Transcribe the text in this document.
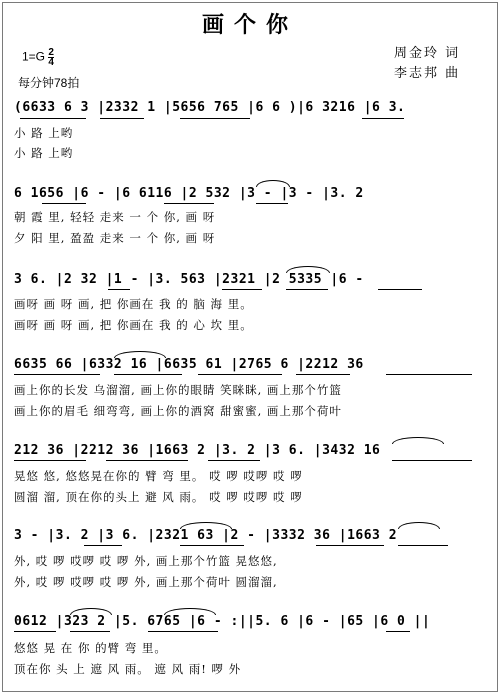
画个你
$1=G \frac{2}{4}$
每分钟78拍
周金玲 词
李志邦 曲
(6633 6 3 |2332 1 |5656 765 |6 6 )|6 3216 |6 3.
小 路 上哟
小 路 上哟
6 1656 |6 - |6 6116 |2 532 |3 - |3 - |3. 2
朝 霞 里, 轻轻 走来 一 个 你, 画 呀
夕 阳 里, 盈盈 走来 一 个 你, 画 呀
3 6. |2 32 |1 - |3. 563 |2321 |2 5335 |6 -
画呀 画 呀 画, 把 你画在 我 的 脑 海 里。
画呀 画 呀 画, 把 你画在 我 的 心 坎 里。
6635 66 |6332 16 |6635 61 |2765 6 |2212 36
画上你的长发 乌溜溜, 画上你的眼睛 笑眯眯, 画上那个竹篮
画上你的眉毛 细弯弯, 画上你的酒窝 甜蜜蜜, 画上那个荷叶
212 36 |2212 36 |1663 2 |3. 2 |3 6. |3432 16
晃悠 悠, 悠悠晃在你的 臂 弯 里。 哎 啰 哎啰 哎 啰
圆溜 溜, 顶在你的头上 避 风 雨。 哎 啰 哎啰 哎 啰
3 - |3. 2 |3 6. |2321 63 |2 - |3332 36 |1663 2
外, 哎 啰 哎啰 哎 啰 外, 画上那个竹篮 晃悠悠,
外, 哎 啰 哎啰 哎 啰 外, 画上那个荷叶 圆溜溜,
0612 |323 2 |5. 6765 |6 - :||5. 6 |6 - |65 |6 0 ||
悠悠 晃 在 你 的臂 弯 里。
顶在你 头 上 遮 风 雨。 遮 风 雨! 啰 外
